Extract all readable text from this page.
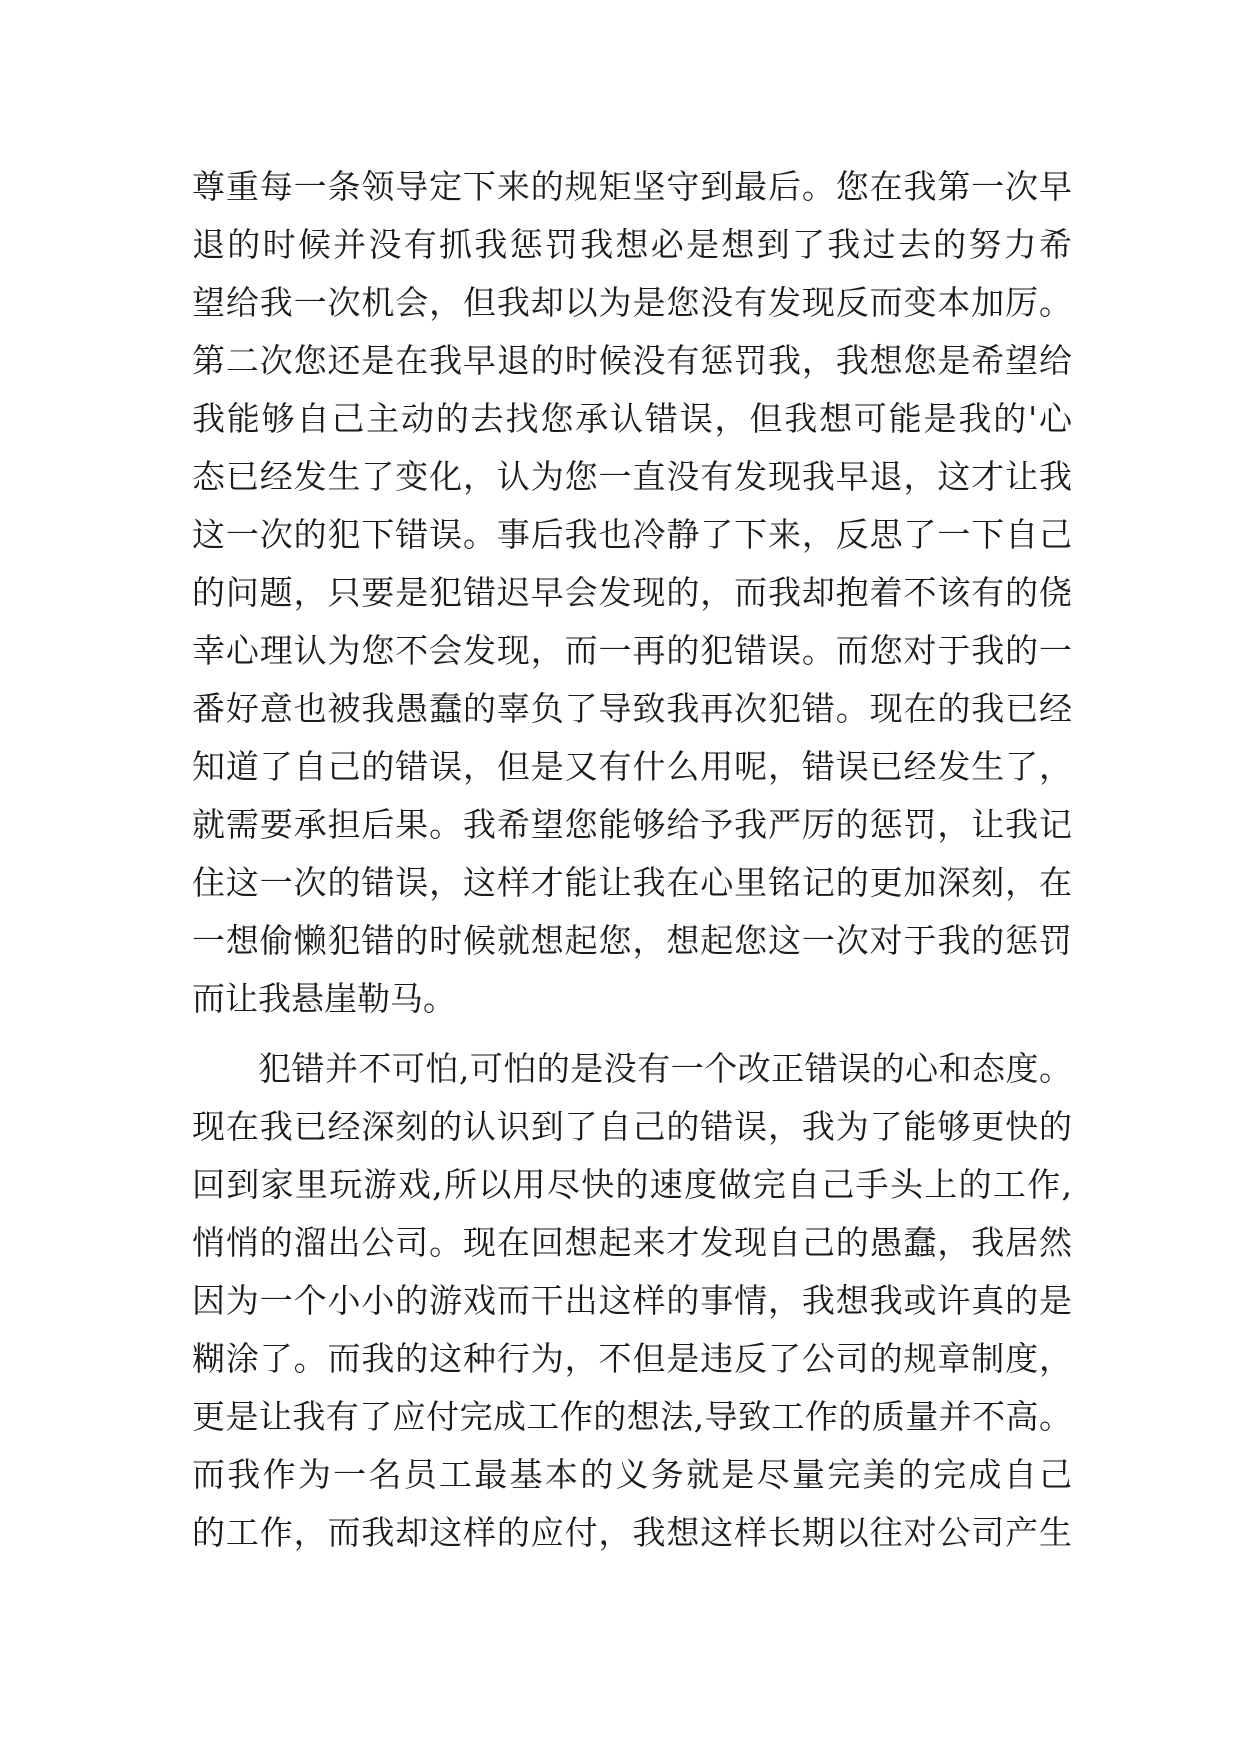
尊重每一条领导定下来的规矩坚守到最后。您在我第一次早
退的时候并没有抓我惩罚我想必是想到了我过去的努力希
望给我一次机会，但我却以为是您没有发现反而变本加厉。
第二次您还是在我早退的时候没有惩罚我，我想您是希望给
我能够自己主动的去找您承认错误，但我想可能是我的'心
态已经发生了变化，认为您一直没有发现我早退，这才让我
这一次的犯下错误。事后我也冷静了下来，反思了一下自己
的问题，只要是犯错迟早会发现的，而我却抱着不该有的侥
幸心理认为您不会发现，而一再的犯错误。而您对于我的一
番好意也被我愚蠢的辜负了导致我再次犯错。现在的我已经
知道了自己的错误，但是又有什么用呢，错误已经发生了，
就需要承担后果。我希望您能够给予我严厉的惩罚，让我记
住这一次的错误，这样才能让我在心里铭记的更加深刻，在
一想偷懒犯错的时候就想起您，想起您这一次对于我的惩罚
而让我悬崖勒马。
犯错并不可怕,可怕的是没有一个改正错误的心和态度。
现在我已经深刻的认识到了自己的错误，我为了能够更快的
回到家里玩游戏,所以用尽快的速度做完自己手头上的工作,
悄悄的溜出公司。现在回想起来才发现自己的愚蠢，我居然
因为一个小小的游戏而干出这样的事情，我想我或许真的是
糊涂了。而我的这种行为，不但是违反了公司的规章制度，
更是让我有了应付完成工作的想法,导致工作的质量并不高。
而我作为一名员工最基本的义务就是尽量完美的完成自己
的工作，而我却这样的应付，我想这样长期以往对公司产生
